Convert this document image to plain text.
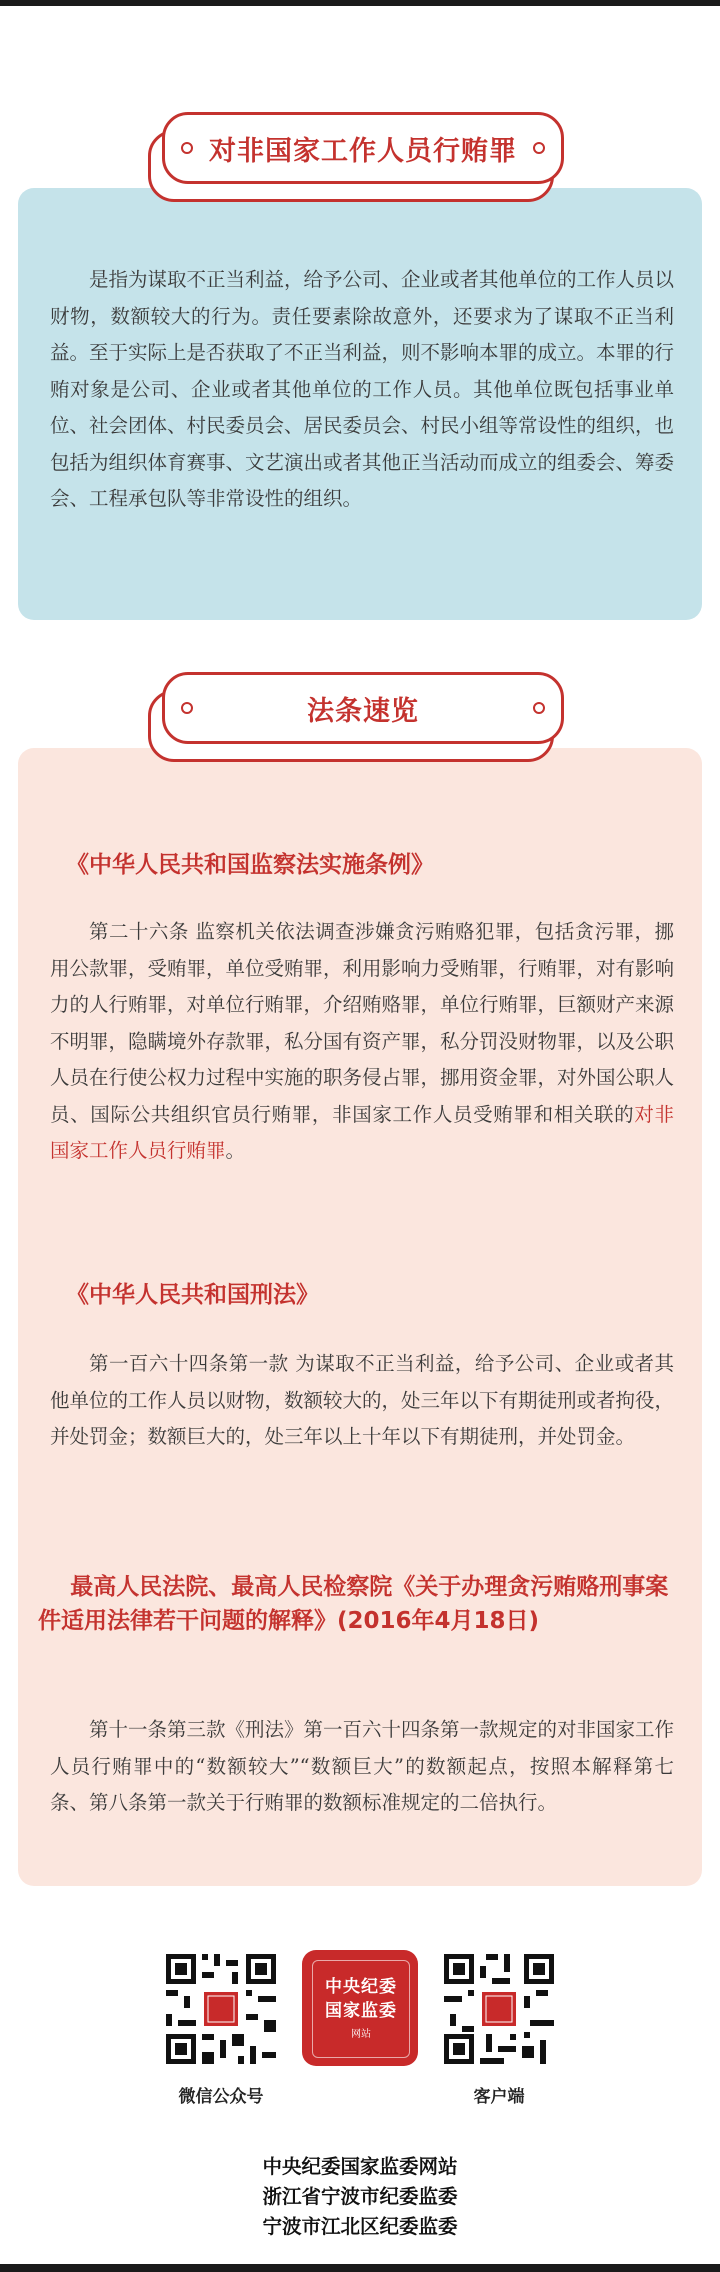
对非国家工作人员行贿罪
是指为谋取不正当利益，给予公司、企业或者其他单位的工作人员以财物，数额较大的行为。责任要素除故意外，还要求为了谋取不正当利益。至于实际上是否获取了不正当利益，则不影响本罪的成立。本罪的行贿对象是公司、企业或者其他单位的工作人员。其他单位既包括事业单位、社会团体、村民委员会、居民委员会、村民小组等常设性的组织，也包括为组织体育赛事、文艺演出或者其他正当活动而成立的组委会、筹委会、工程承包队等非常设性的组织。
法条速览
《中华人民共和国监察法实施条例》
第二十六条 监察机关依法调查涉嫌贪污贿赂犯罪，包括贪污罪，挪用公款罪，受贿罪，单位受贿罪，利用影响力受贿罪，行贿罪，对有影响力的人行贿罪，对单位行贿罪，介绍贿赂罪，单位行贿罪，巨额财产来源不明罪，隐瞒境外存款罪，私分国有资产罪，私分罚没财物罪，以及公职人员在行使公权力过程中实施的职务侵占罪，挪用资金罪，对外国公职人员、国际公共组织官员行贿罪，非国家工作人员受贿罪和相关联的对非国家工作人员行贿罪。
《中华人民共和国刑法》
第一百六十四条第一款 为谋取不正当利益，给予公司、企业或者其他单位的工作人员以财物，数额较大的，处三年以下有期徒刑或者拘役，并处罚金；数额巨大的，处三年以上十年以下有期徒刑，并处罚金。
最高人民法院、最高人民检察院《关于办理贪污贿赂刑事案件适用法律若干问题的解释》(2016年4月18日)
第十一条第三款《刑法》第一百六十四条第一款规定的对非国家工作人员行贿罪中的“数额较大”“数额巨大”的数额起点，按照本解释第七条、第八条第一款关于行贿罪的数额标准规定的二倍执行。
中央纪委
国家监委
网站
微信公众号	客户端
中央纪委国家监委网站
浙江省宁波市纪委监委
宁波市江北区纪委监委
